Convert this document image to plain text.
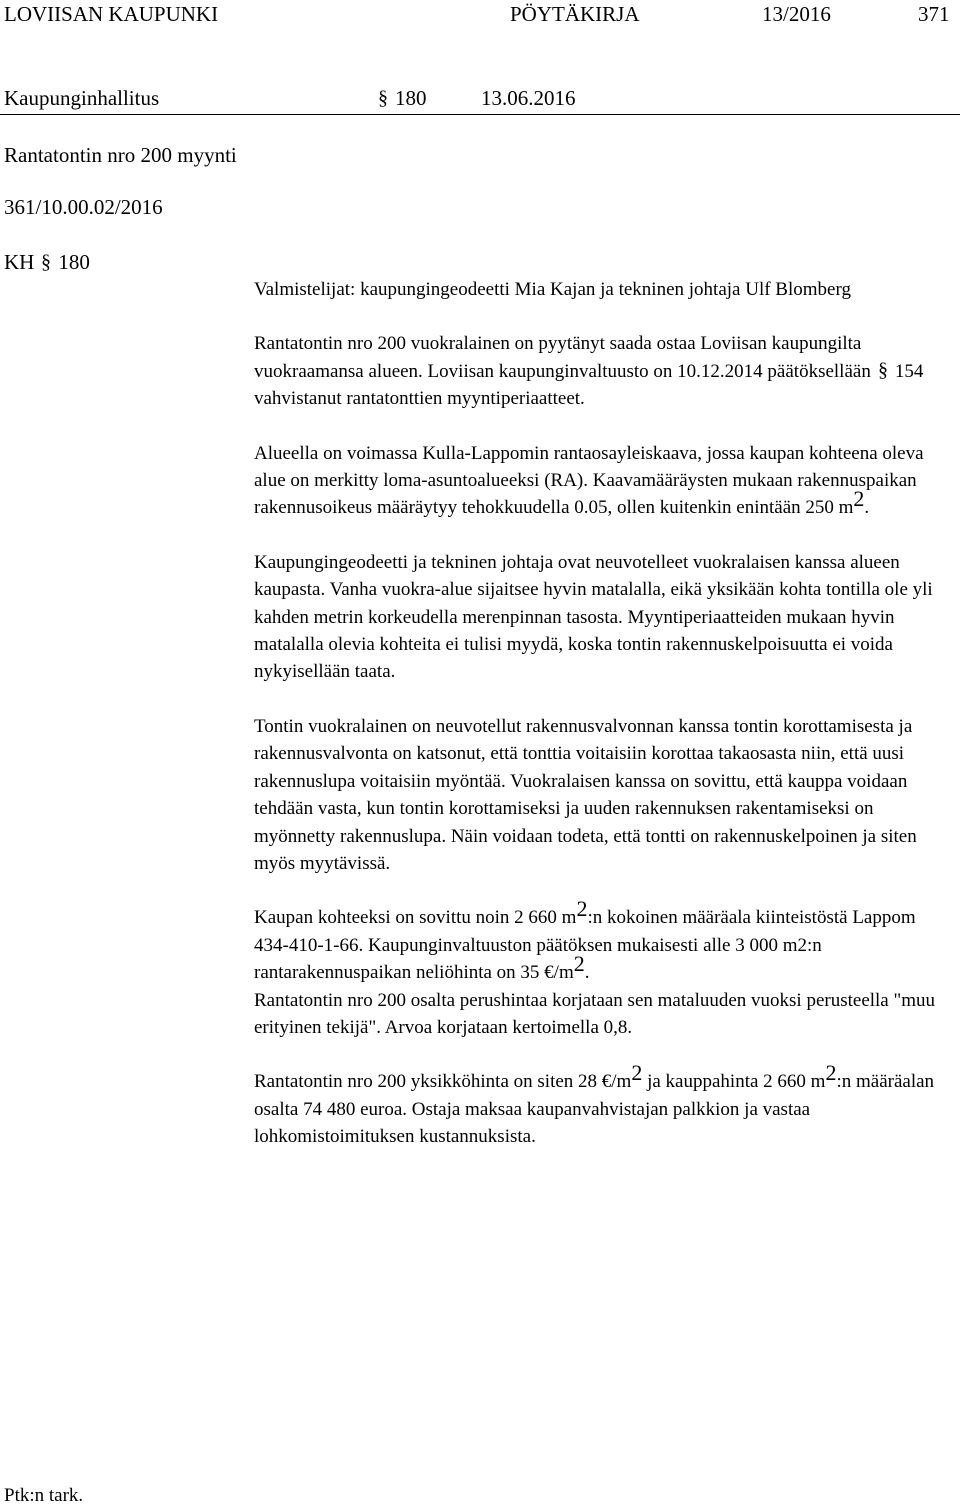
LOVIISAN KAUPUNKI	PÖYTÄKIRJA	13/2016	371
Kaupunginhallitus	§ 180	13.06.2016
Rantatontin nro 200 myynti
361/10.00.02/2016
KH § 180

Valmistelijat: kaupungingeodeetti Mia Kajan ja tekninen johtaja Ulf Blomberg

Rantatontin nro 200 vuokralainen on pyytänyt saada ostaa Loviisan kaupungilta vuokraamansa alueen. Loviisan kaupunginvaltuusto on 10.12.2014 päätöksellään § 154 vahvistanut rantatonttien myyntiperiaatteet.

Alueella on voimassa Kulla-Lappomin rantaosayleiskaava, jossa kaupan kohteena oleva alue on merkitty loma-asuntoalueeksi (RA). Kaavamääräysten mukaan rakennuspaikan rakennusoikeus määräytyy tehokkuudella 0.05, ollen kuitenkin enintään 250 $m^2$.

Kaupungingeodeetti ja tekninen johtaja ovat neuvotelleet vuokralaisen kanssa alueen kaupasta. Vanha vuokra-alue sijaitsee hyvin matalalla, eikä yksikään kohta tontilla ole yli kahden metrin korkeudella merenpinnan tasosta. Myyntiperiaatteiden mukaan hyvin matalalla olevia kohteita ei tulisi myydä, koska tontin rakennuskelpoisuutta ei voida nykyisellään taata.

Tontin vuokralainen on neuvotellut rakennusvalvonnan kanssa tontin korottamisesta ja rakennusvalvonta on katsonut, että tonttia voitaisiin korottaa takaosasta niin, että uusi rakennuslupa voitaisiin myöntää. Vuokralaisen kanssa on sovittu, että kauppa voidaan tehdään vasta, kun tontin korottamiseksi ja uuden rakennuksen rakentamiseksi on myönnetty rakennuslupa. Näin voidaan todeta, että tontti on rakennuskelpoinen ja siten myös myytävissä.

Kaupan kohteeksi on sovittu noin 2 660 $m^2:n$ kokoinen määräala kiinteistöstä Lappom 434-410-1-66. Kaupunginvaltuuston päätöksen mukaisesti alle 3 000 m2:n rantarakennuspaikan neliöhinta on 35 $€/m^2$.

Rantatontin nro 200 osalta perushintaa korjataan sen mataluuden vuoksi perusteella "muu erityinen tekijä". Arvoa korjataan kertoimella 0,8.

Rantatontin nro 200 yksikköhinta on siten 28 $€/m^2$ ja kauppahinta 2 660 $m^2:n$ määräalan osalta 74 480 euroa. Ostaja maksaa kaupanvahvistajan palkkion ja vastaa lohkomistoimituksen kustannuksista.

Ptk:n tark.
